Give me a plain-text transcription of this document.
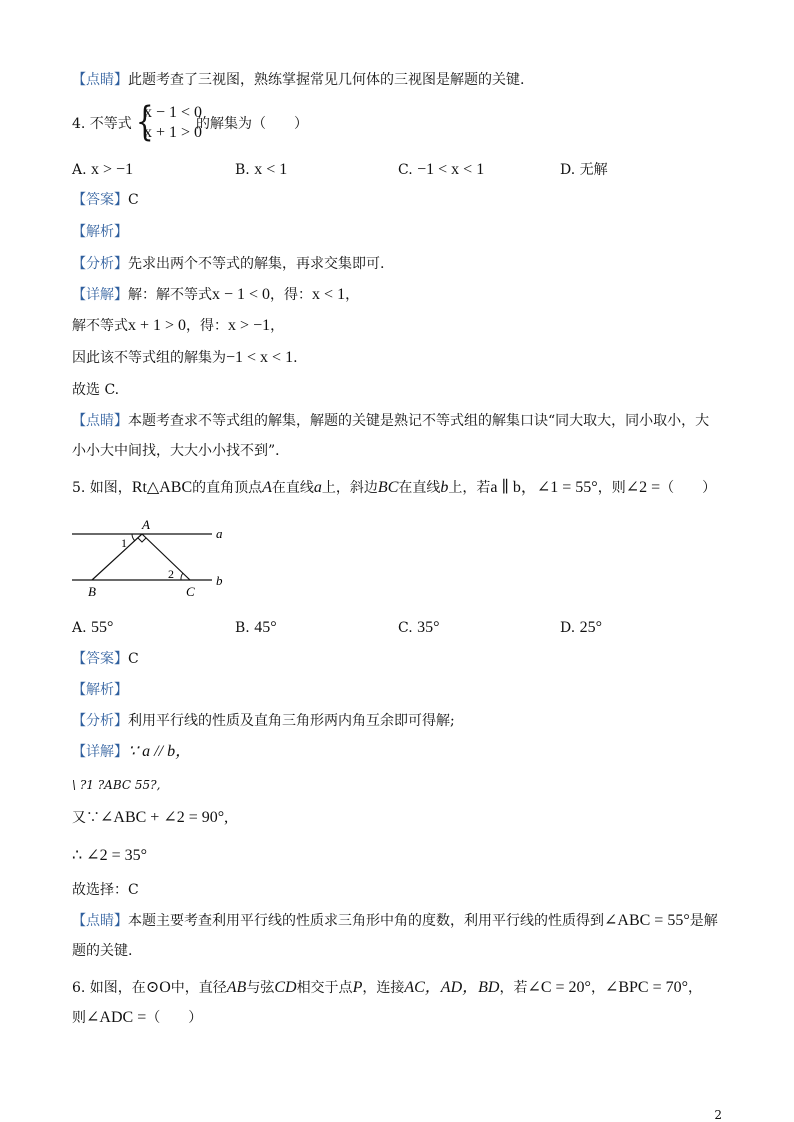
【点睛】此题考查了三视图，熟练掌握常见几何体的三视图是解题的关键.
4. 不等式 {
x − 1 < 0
x + 1 > 0
的解集为（　　）
A. x > −1	B. x < 1	C. −1 < x < 1	D. 无解
【答案】C
【解析】
【分析】先求出两个不等式的解集，再求交集即可.
【详解】解：解不等式x − 1 < 0，得：x < 1，
解不等式x + 1 > 0，得：x > −1，
因此该不等式组的解集为−1 < x < 1.
故选 C.
【点睛】本题考查求不等式组的解集，解题的关键是熟记不等式组的解集口诀“同大取大，同小取小，大
小小大中间找，大大小小找不到”．
5. 如图，Rt△ABC的直角顶点A在直线a上，斜边BC在直线b上，若a ∥ b，∠1 = 55°，则∠2 =（　　）
A
a
b
B	C
1
2
A. 55°	B. 45°	C. 35°	D. 25°
【答案】C
【解析】
【分析】利用平行线的性质及直角三角形两内角互余即可得解;
【详解】∵ a // b，
\ ?1 ?ABC 55?,
又∵∠ABC + ∠2 = 90°,
∴ ∠2 = 35°
故选择：C
【点睛】本题主要考查利用平行线的性质求三角形中角的度数，利用平行线的性质得到∠ABC = 55°是解
题的关键.
6. 如图，在⊙O中，直径AB与弦CD相交于点P，连接AC，AD，BD，若∠C = 20°，∠BPC = 70°，
则∠ADC =（　　）
2
